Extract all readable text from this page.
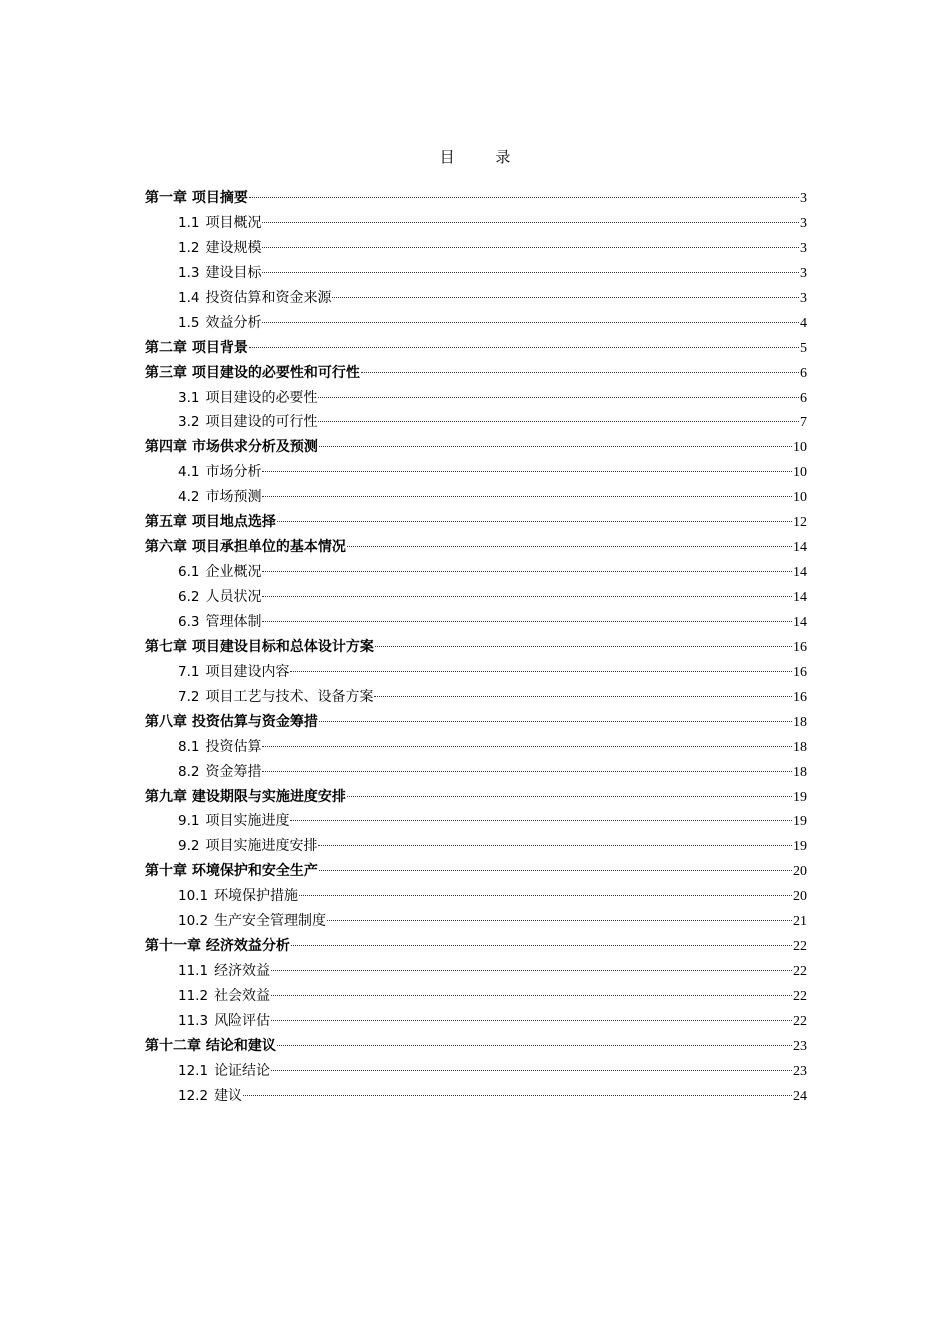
目 录
第一章 项目摘要	3
1.1 项目概况	3
1.2 建设规模	3
1.3 建设目标	3
1.4 投资估算和资金来源	3
1.5 效益分析	4
第二章 项目背景	5
第三章 项目建设的必要性和可行性	6
3.1 项目建设的必要性	6
3.2 项目建设的可行性	7
第四章 市场供求分析及预测	10
4.1 市场分析	10
4.2 市场预测	10
第五章 项目地点选择	12
第六章 项目承担单位的基本情况	14
6.1 企业概况	14
6.2 人员状况	14
6.3 管理体制	14
第七章 项目建设目标和总体设计方案	16
7.1 项目建设内容	16
7.2 项目工艺与技术、设备方案	16
第八章 投资估算与资金筹措	18
8.1 投资估算	18
8.2 资金筹措	18
第九章 建设期限与实施进度安排	19
9.1 项目实施进度	19
9.2 项目实施进度安排	19
第十章 环境保护和安全生产	20
10.1 环境保护措施	20
10.2 生产安全管理制度	21
第十一章 经济效益分析	22
11.1 经济效益	22
11.2 社会效益	22
11.3 风险评估	22
第十二章 结论和建议	23
12.1 论证结论	23
12.2 建议	24
